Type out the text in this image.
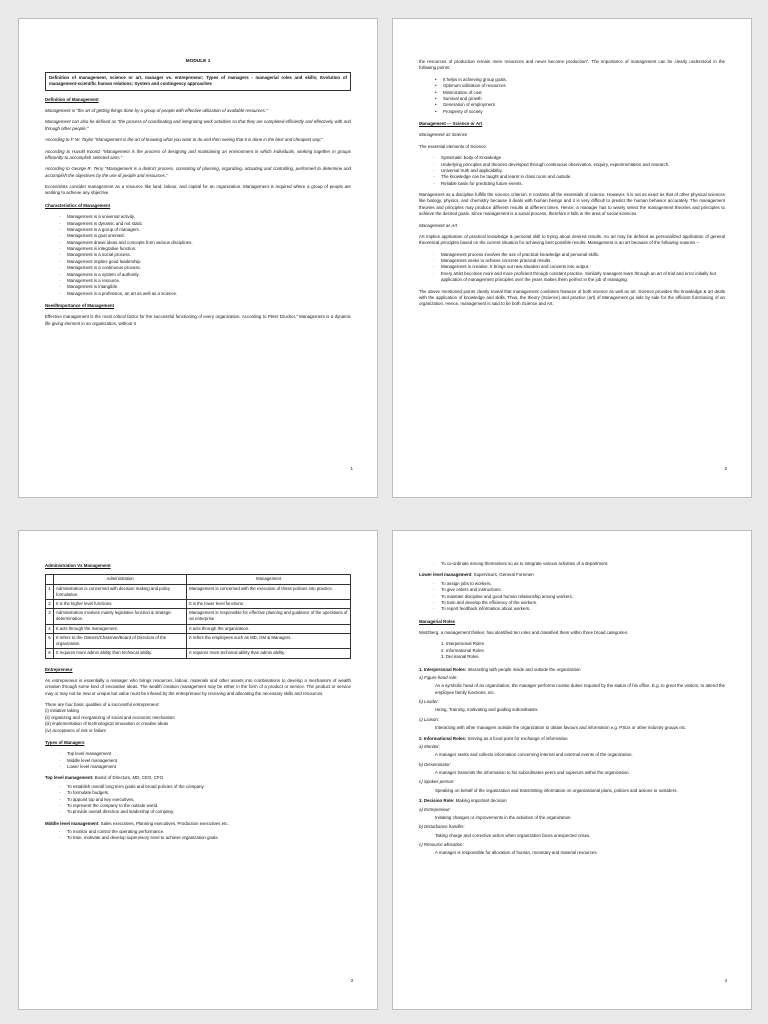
MODULE 1
Definition of management, science or art, manager vs. entrepreneur; Types of managers - managerial roles and skills; Evolution of management-scientific human relations; System and contingency approaches
Definition of Management

Management is "the art of getting things done by a group of people with effective utilization of available resources."

Management can also be defined as "the process of coordinating and integrating work activities so that they are completed efficiently and effectively with and through other people."

According to F. W. Taylor "Management is the art of knowing what you want to do and then seeing that it is done in the best and cheapest way."

According to Harold Koontz "Management is the process of designing and maintaining an environment in which individuals, working together in groups efficiently to accomplish selected aims."

According to George R. Terry "Management is a distinct process, consisting of planning, organizing, actuating and controlling, performed to determine and accomplish the objectives by the use of people and resources."

Economists consider management as a resource like land, labour, and capital for an organization. Management is required where a group of people are working to achieve any objective.

Characteristics of Management
- Management is a universal activity.
- Management is dynamic and not static.
- Management is a group of managers.
- Management is goal oriented.
- Management draws ideas and concepts from various disciplines.
- Management is integrative function.
- Management is a social process.
- Management implies good leadership.
- Management is a continuous process.
- Management is a system of authority.
- Management is a resource.
- Management is intangible.
- Management is a profession, an art as well as a science.
Need/Importance of Management

Effective management is the most critical factor for the successful functioning of every organization. According to Peter Drucker," Management is a dynamic life giving element in an organization, without it

1

the resources of production remain mere resources and never become production". The importance of management can be clearly understood in the following points:

• It helps in achieving group goals.
• Optimum utilization of resources
• Minimization of cost
• Survival and growth
• Generation of employment
• Prosperity of society
Management --- Science or Art

Management as Science

The essential elements of Science:

- Systematic body of Knowledge
- Underlying principles and theories developed through continuous observation, enquiry, experimentation and research.
- Universal truth and applicability.
- The knowledge can be taught and learnt in class room and outside.
- Reliable basis for predicting future events.

Management as a discipline fulfills the science criterion. It contains all the essentials of science. However, it is not as exact as that of other physical sciences like biology, physics, and chemistry because it deals with human beings and it is very difficult to predict the human behavior accurately. The management theories and principles may produce different results at different times. Hence, a manager has to wisely select the management theories and principles to achieve the desired goals. Since management is a social process, therefore it falls in the area of social sciences.

Management as Art

Art implies application of practical knowledge & personal skill to trying about desired results. An art may be defined as personalized application of general theoretical principles based on the current situation for achieving best possible results. Management is an art because of the following reasons –

- Management process involves the use of practical knowledge and personal skills.
- Management seeks to achieve concrete practical results
- Management is creative. It brings out new situation and converts into output.
- Every artist becomes more and more proficient through constant practice. Similarly managers learn through an art of trial and error initially but application of management principles over the years makes them perfect in the job of managing.

The above mentioned points clearly reveal that management combines features of both science as well as art. Science provides the knowledge & art deals with the application of knowledge and skills. Thus, the theory (Science) and practice (art) of Management go side by side for the efficient functioning of an organization. Hence, management is said to be both Science and Art.

2
Administration Vs Management
	Administration	Management
1	Administration is concerned with decision making and policy formulation.	Management is concerned with the execution of these policies into practice.
2	It is the higher level functions.	It is the lower level functions.
3	Administration involves mainly legislative function & strategic determination.	Management is responsible for effective planning and guidance of the operations of an enterprise
4	It acts through the management.	It acts through the organization.
5	It refers to the Owners/Chairman/Board of Directors of the organization.	It refers the employees such as MD, GM & Managers.
6	It requires more admin ability than technical ability.	It requires more technical ability than admin ability.
Entrepreneur

An entrepreneur is essentially a manager who brings resources, labour, materials and other assets into combinations to develop a mechanism of wealth creation through some kind of innovative ideas. The wealth creation management may be either in the form of a product or service. The product or service may or may not be new or unique but value must be infused by the entrepreneur by receiving and allocating the necessary skills and resources.

There are four basic qualities of a successful entrepreneur:
(i) initiative taking
(ii) organizing and reorganizing of social and economic mechanism
(iii) implementation of technological innovation or creative ideas
(iv) acceptance of risk or failure
Types of Managers
- Top level management
- Middle level management
- Lower level management
Top level management: Board of Directors, MD, CEO, CFO
- To establish overall long term goals and broad policies of the company.
- To formulate budgets.
- To appoint top and key executives.
- To represent the company to the outside world.
- To provide overall direction and leadership of company.
Middle level management: Sales executives, Planning executives, Production executives etc.
- To monitor and control the operating performance.
- To train, motivate and develop supervisory level to achieve organization goals.
3
- To co-ordinate among themselves so as to integrate various activities of a department.
Lower level management: Supervisors, General Foremen
- To assign jobs to workers.
- To give orders and instructions.
- To maintain discipline and good human relationship among workers.
- To train and develop the efficiency of the workers.
- To report feedback information about workers.
Managerial Roles

Mintzberg, a management thinker, has identified ten roles and classified them within three broad categories.

1. Interpersonal Roles
2. Informational Roles
3. Decisional Roles
1. Interpersonal Roles: Interacting with people inside and outside the organization
a) Figure head role:

As a symbolic head of an organization, the manager performs routine duties required by the status of his office. E.g. to greet the visitors, to attend the employee family functions, etc.

b) Leader:

Hiring, Training, motivating and guiding subordinates.

c) Liaison:

Interacting with other managers outside the organization to obtain favours and information e.g. PSUs or other industry groups etc.

2. Informational Roles: Serving as a focal point for exchange of information
a) Monitor:

A manager seeks and collects information concerning internal and external events of the organization.

b) Disseminator:

A manager transmits the information to his subordinates peers and superiors within the organization.

c) Spokes person:

Speaking on behalf of the organization and transmitting information on organizational plans, policies and actions to outsiders.

3. Decision Role: Making important decision
a) Entrepreneur:

Initiating changes or improvements in the activities of the organization.

b) Disturbance handler:

Taking charge and corrective action when organization faces unexpected crises.

c) Resource allocation:

A manager is responsible for allocation of human, monetary and material resources.

4
